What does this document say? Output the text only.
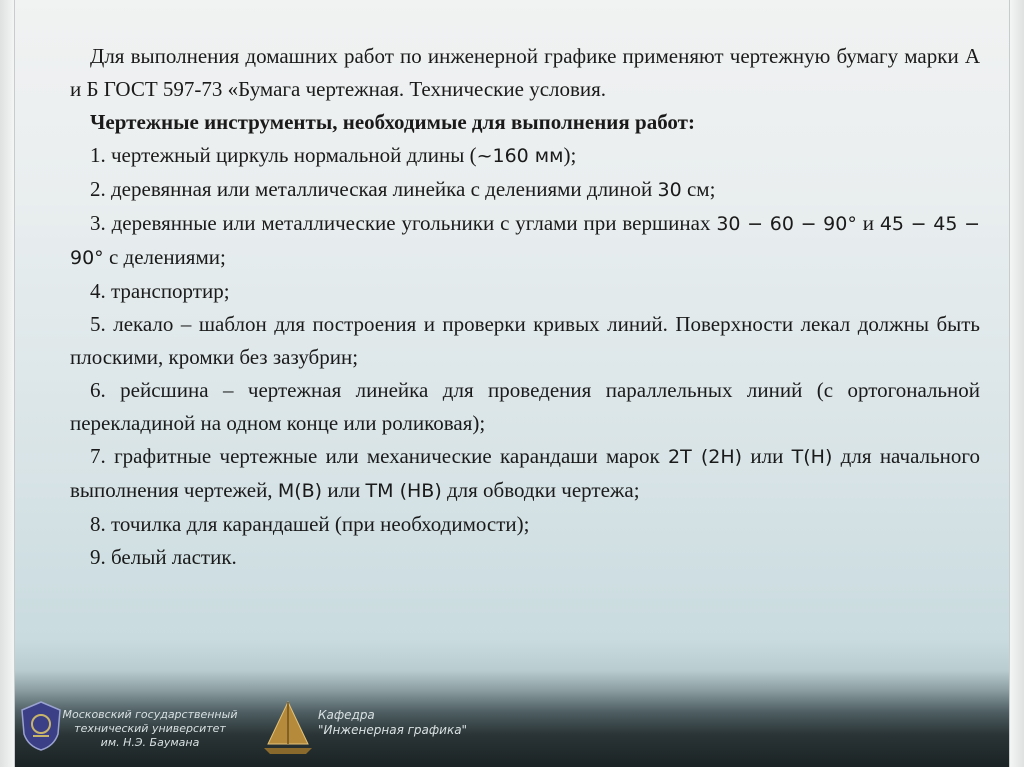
Для выполнения домашних работ по инженерной графике применяют чертежную бумагу марки А и Б ГОСТ 597-73 «Бумага чертежная. Технические условия.

Чертежные инструменты, необходимые для выполнения работ:

1. чертежный циркуль нормальной длины (~160 мм);

2. деревянная или металлическая линейка с делениями длиной 30 см;

3. деревянные или металлические угольники с углами при вершинах 30 − 60 − 90° и 45 − 45 − 90° с делениями;

4. транспортир;

5. лекало – шаблон для построения и проверки кривых линий. Поверхности лекал должны быть плоскими, кромки без зазубрин;

6. рейсшина – чертежная линейка для проведения параллельных линий (с ортогональной перекладиной на одном конце или роликовая);

7. графитные чертежные или механические карандаши марок 2Т (2H) или Т(H) для начального выполнения чертежей, М(B) или ТМ (HB) для обводки чертежа;

8. точилка для карандашей (при необходимости);

9. белый ластик.

Московский государственный
технический университет
им. Н.Э. Баумана
Кафедра
"Инженерная графика"
